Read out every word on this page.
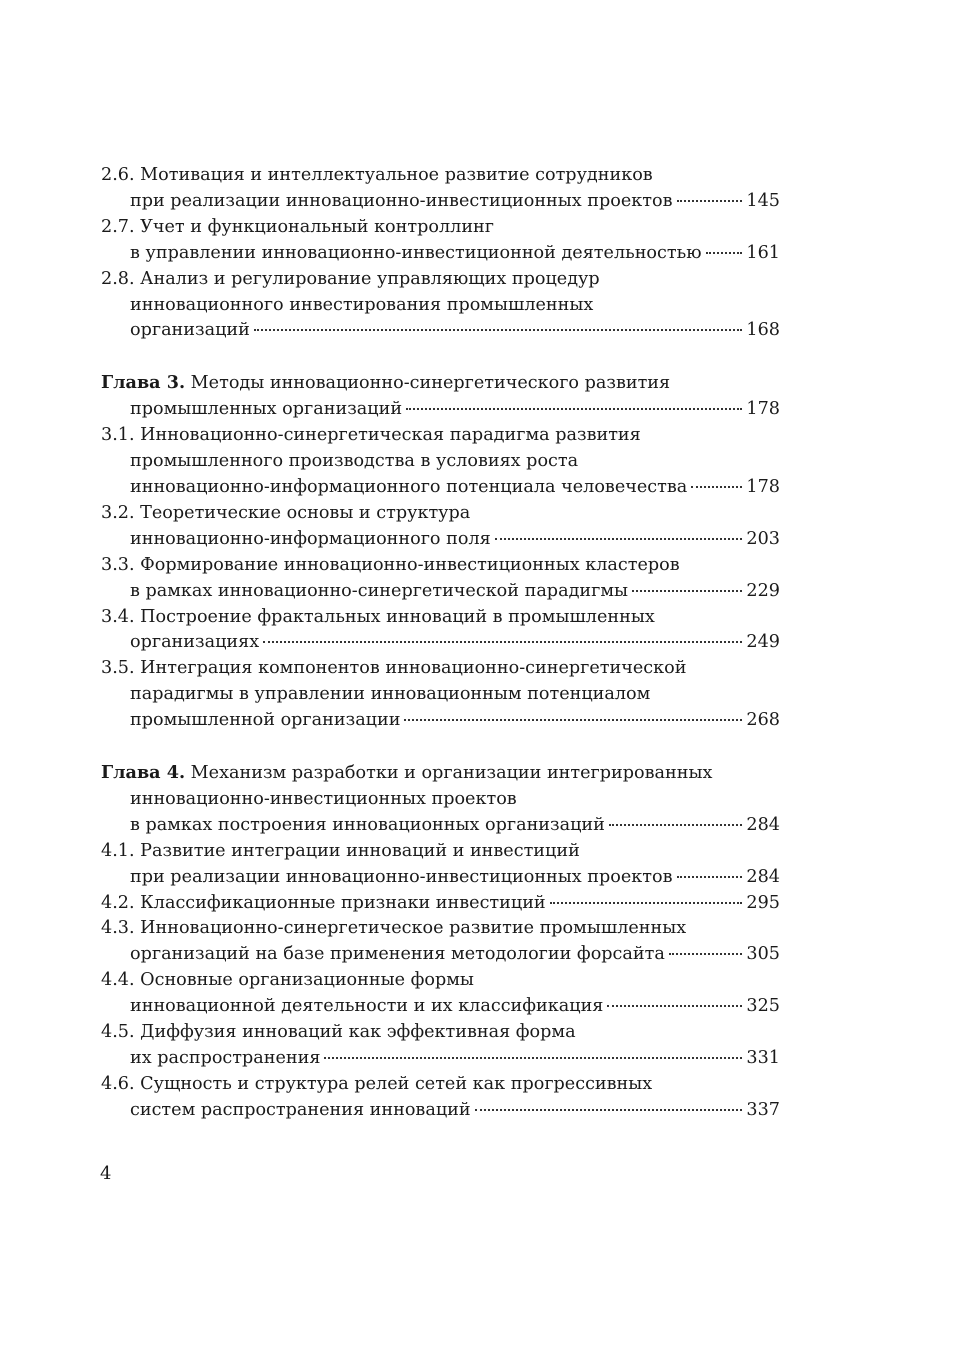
2.6. Мотивация и интеллектуальное развитие сотрудников
при реализации инновационно-инвестиционных проектов	145
2.7. Учет и функциональный контроллинг
в управлении инновационно-инвестиционной деятельностью	161
2.8. Анализ и регулирование управляющих процедур
инновационного инвестирования промышленных
организаций	168
Глава 3.
Методы инновационно-синергетического развития
промышленных организаций	178
3.1. Инновационно-синергетическая парадигма развития
промышленного производства в условиях роста
инновационно-информационного потенциала человечества	178
3.2. Теоретические основы и структура
инновационно-информационного поля	203
3.3. Формирование инновационно-инвестиционных кластеров
в рамках инновационно-синергетической парадигмы	229
3.4. Построение фрактальных инноваций в промышленных
организациях	249
3.5. Интеграция компонентов инновационно-синергетической
парадигмы в управлении инновационным потенциалом
промышленной организации	268
Глава 4.
Механизм разработки и организации интегрированных
инновационно-инвестиционных проектов
в рамках построения инновационных организаций	284
4.1. Развитие интеграции инноваций и инвестиций
при реализации инновационно-инвестиционных проектов	284
4.2. Классификационные признаки инвестиций	295
4.3. Инновационно-синергетическое развитие промышленных
организаций на базе применения методологии форсайта	305
4.4. Основные организационные формы
инновационной деятельности и их классификация	325
4.5. Диффузия инноваций как эффективная форма
их распространения	331
4.6. Сущность и структура релей сетей как прогрессивных
систем распространения инноваций	337
4
